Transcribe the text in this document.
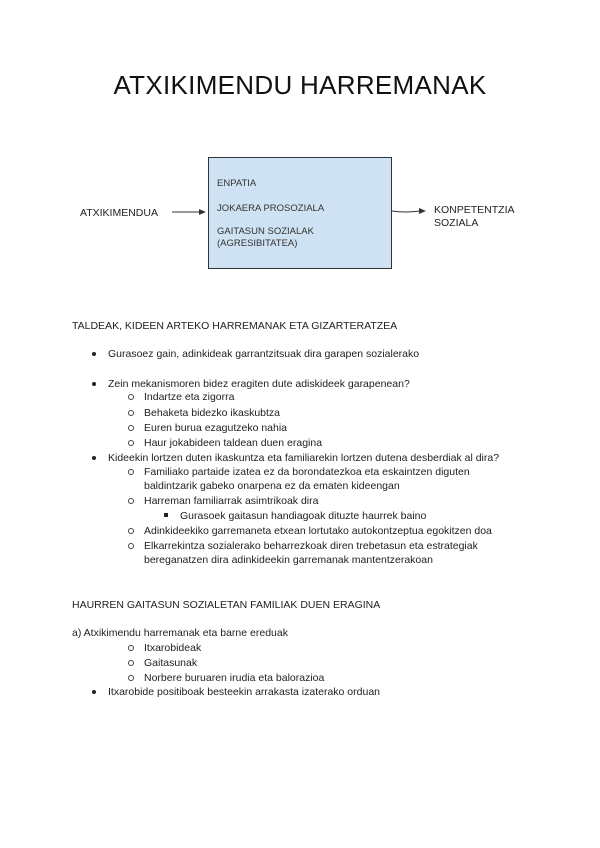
ATXIKIMENDU HARREMANAK
ATXIKIMENDUA
ENPATIA
JOKAERA PROSOZIALA
GAITASUN SOZIALAK
(AGRESIBITATEA)
KONPETENTZIA
SOZIALA
TALDEAK, KIDEEN ARTEKO HARREMANAK ETA GIZARTERATZEA
Gurasoez gain, adinkideak garrantzitsuak dira garapen sozialerako
Zein mekanismoren bidez eragiten dute adiskideek garapenean?
Indartze eta zigorra
Behaketa bidezko ikaskubtza
Euren burua ezagutzeko nahia
Haur jokabideen taldean duen eragina
Kideekin lortzen duten ikaskuntza eta familiarekin lortzen dutena desberdiak al dira?
Familiako partaide izatea ez da borondatezkoa eta eskaintzen diguten
baldintzarik gabeko onarpena ez da ematen kideengan
Harreman familiarrak asimtrikoak dira
Gurasoek gaitasun handiagoak dituzte haurrek baino
Adinkideekiko garremaneta etxean lortutako autokontzeptua egokitzen doa
Elkarrekintza sozialerako beharrezkoak diren trebetasun eta estrategiak
bereganatzen dira adinkideekin garremanak mantentzerakoan
HAURREN GAITASUN SOZIALETAN FAMILIAK DUEN ERAGINA
a) Atxikimendu harremanak eta barne ereduak
Itxarobideak
Gaitasunak
Norbere buruaren irudia eta balorazioa
Itxarobide positiboak besteekin arrakasta izaterako orduan
